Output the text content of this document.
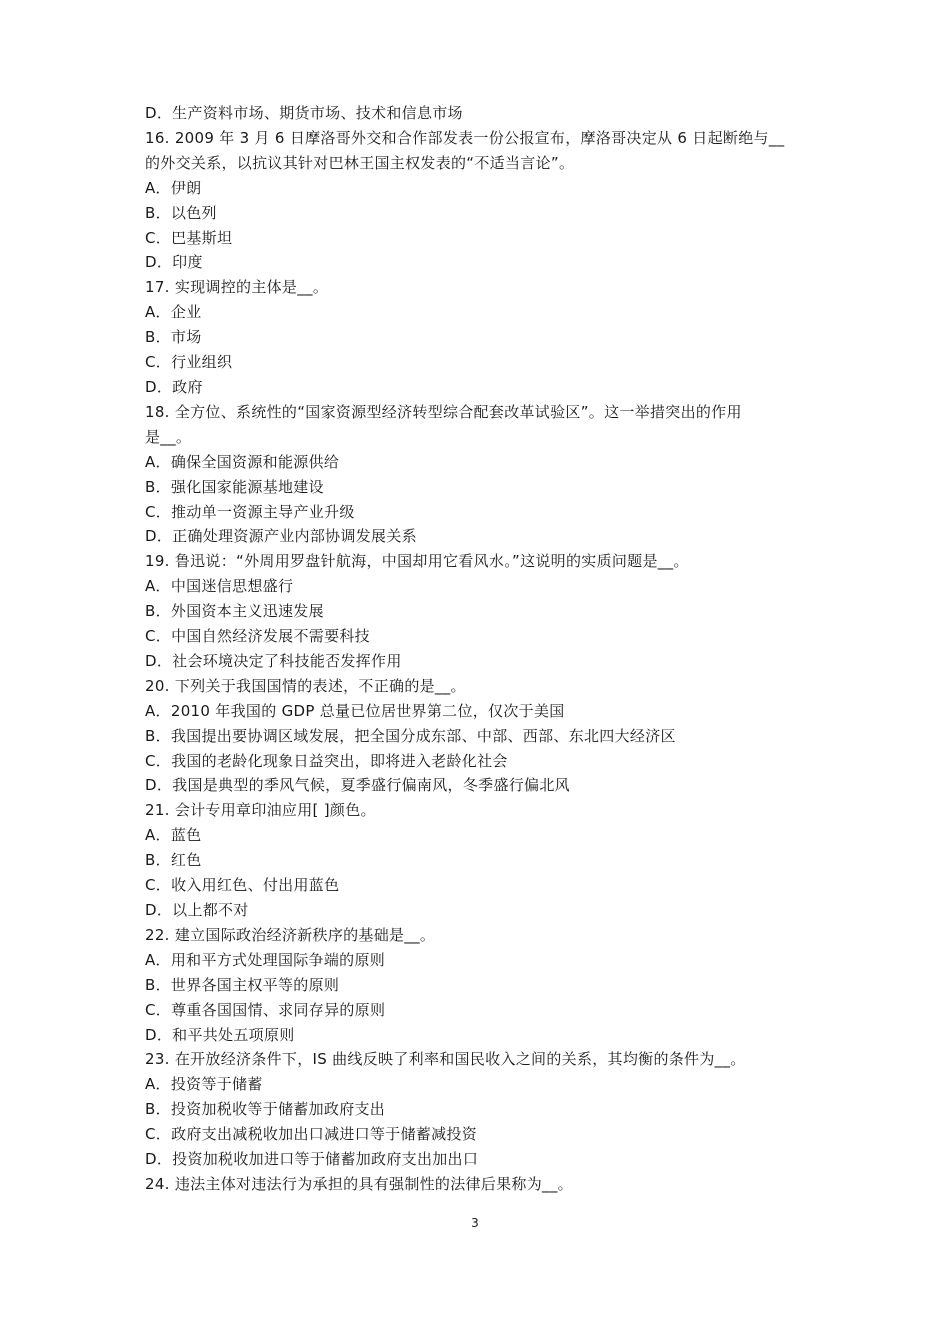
D．生产资料市场、期货市场、技术和信息市场
16. 2009 年 3 月 6 日摩洛哥外交和合作部发表一份公报宣布，摩洛哥决定从 6 日起断绝与__
的外交关系，以抗议其针对巴林王国主权发表的“不适当言论”。
A．伊朗
B．以色列
C．巴基斯坦
D．印度
17. 实现调控的主体是__。
A．企业
B．市场
C．行业组织
D．政府
18. 全方位、系统性的“国家资源型经济转型综合配套改革试验区”。这一举措突出的作用
是__。
A．确保全国资源和能源供给
B．强化国家能源基地建设
C．推动单一资源主导产业升级
D．正确处理资源产业内部协调发展关系
19. 鲁迅说：“外周用罗盘针航海，中国却用它看风水。”这说明的实质问题是__。
A．中国迷信思想盛行
B．外国资本主义迅速发展
C．中国自然经济发展不需要科技
D．社会环境决定了科技能否发挥作用
20. 下列关于我国国情的表述，不正确的是__。
A．2010 年我国的 GDP 总量已位居世界第二位，仅次于美国
B．我国提出要协调区域发展，把全国分成东部、中部、西部、东北四大经济区
C．我国的老龄化现象日益突出，即将进入老龄化社会
D．我国是典型的季风气候，夏季盛行偏南风，冬季盛行偏北风
21. 会计专用章印油应用[ ]颜色。
A．蓝色
B．红色
C．收入用红色、付出用蓝色
D．以上都不对
22. 建立国际政治经济新秩序的基础是__。
A．用和平方式处理国际争端的原则
B．世界各国主权平等的原则
C．尊重各国国情、求同存异的原则
D．和平共处五项原则
23. 在开放经济条件下，IS 曲线反映了利率和国民收入之间的关系，其均衡的条件为__。
A．投资等于储蓄
B．投资加税收等于储蓄加政府支出
C．政府支出减税收加出口减进口等于储蓄减投资
D．投资加税收加进口等于储蓄加政府支出加出口
24. 违法主体对违法行为承担的具有强制性的法律后果称为__。
3
